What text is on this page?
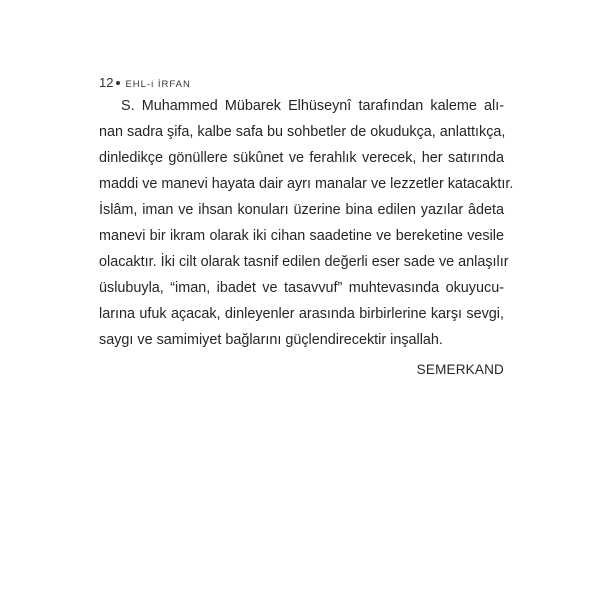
12 EHL-i İRFAN
S. Muhammed Mübarek Elhüseynî tarafından kaleme alı-
nan sadra şifa, kalbe safa bu sohbetler de okudukça, anlattıkça,
dinledikçe gönüllere sükûnet ve ferahlık verecek, her satırında
maddi ve manevi hayata dair ayrı manalar ve lezzetler katacaktır.
İslâm, iman ve ihsan konuları üzerine bina edilen yazılar âdeta
manevi bir ikram olarak iki cihan saadetine ve bereketine vesile
olacaktır. İki cilt olarak tasnif edilen değerli eser sade ve anlaşılır
üslubuyla, “iman, ibadet ve tasavvuf” muhtevasında okuyucu-
larına ufuk açacak, dinleyenler arasında birbirlerine karşı sevgi,
saygı ve samimiyet bağlarını güçlendirecektir inşallah.
SEMERKAND
